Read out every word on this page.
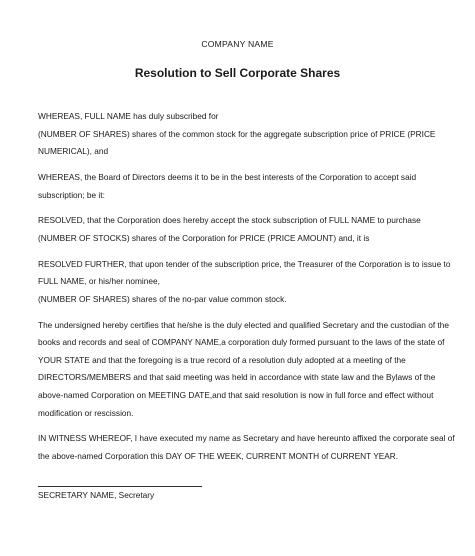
COMPANY NAME
Resolution to Sell Corporate Shares
WHEREAS, FULL NAME has duly subscribed for
(NUMBER OF SHARES) shares of the common stock for the aggregate subscription price of PRICE (PRICE
NUMERICAL), and
WHEREAS, the Board of Directors deems it to be in the best interests of the Corporation to accept said
subscription; be it:
RESOLVED, that the Corporation does hereby accept the stock subscription of FULL NAME to purchase
(NUMBER OF STOCKS) shares of the Corporation for PRICE (PRICE AMOUNT) and, it is
RESOLVED FURTHER, that upon tender of the subscription price, the Treasurer of the Corporation is to issue to
FULL NAME, or his/her nominee,
(NUMBER OF SHARES) shares of the no-par value common stock.
The undersigned hereby certifies that he/she is the duly elected and qualified Secretary and the custodian of the
books and records and seal of COMPANY NAME,a corporation duly formed pursuant to the laws of the state of
YOUR STATE and that the foregoing is a true record of a resolution duly adopted at a meeting of the
DIRECTORS/MEMBERS and that said meeting was held in accordance with state law and the Bylaws of the
above-named Corporation on MEETING DATE,and that said resolution is now in full force and effect without
modification or rescission.
IN WITNESS WHEREOF, I have executed my name as Secretary and have hereunto affixed the corporate seal of
the above-named Corporation this DAY OF THE WEEK, CURRENT MONTH of CURRENT YEAR.
SECRETARY NAME, Secretary
